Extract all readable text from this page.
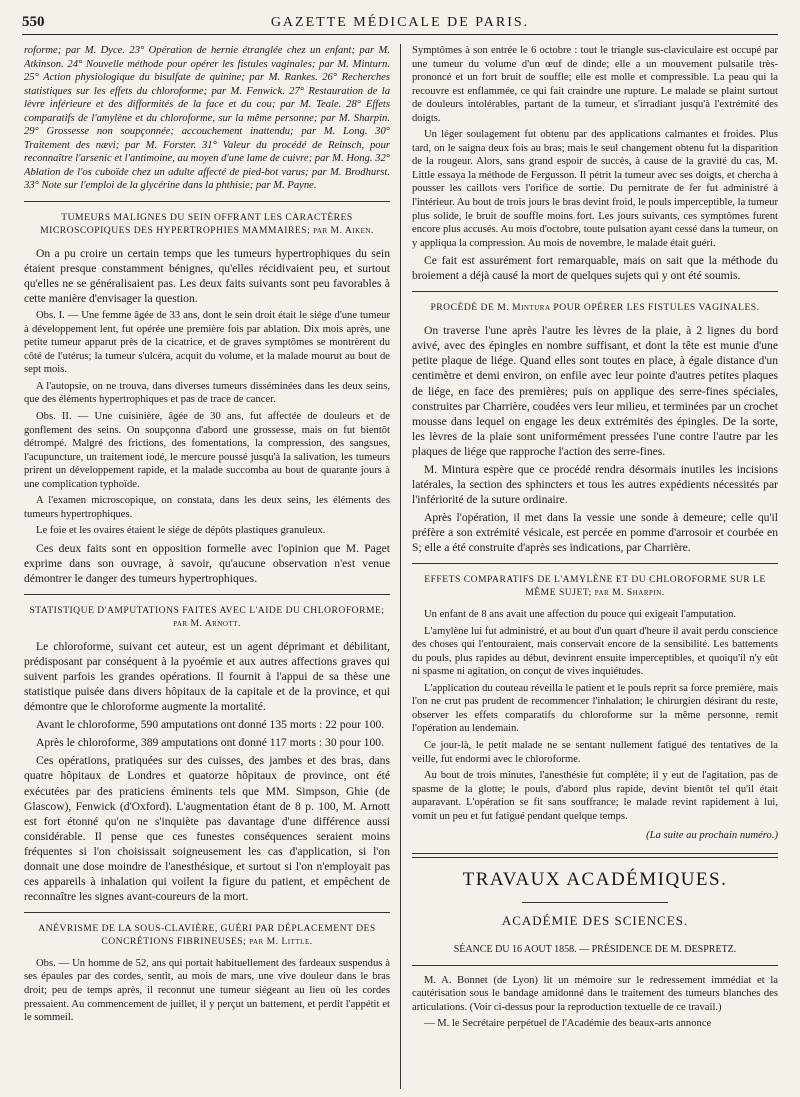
550	GAZETTE MÉDICALE DE PARIS.

roforme; par M. Dyce. 23° Opération de hernie étranglée chez un enfant; par M. Atkinson. 24° Nouvelle méthode pour opérer les fistules vaginales; par M. Minturn. 25° Action physiologique du bisulfate de quinine; par M. Rankes. 26° Recherches statistiques sur les effets du chloroforme; par M. Fenwick. 27° Restauration de la lèvre inférieure et des difformités de la face et du cou; par M. Teale. 28° Effets comparatifs de l'amylène et du chloroforme, sur la même personne; par M. Sharpin. 29° Grossesse non soupçonnée; accouchement inattendu; par M. Long. 30° Traitement des nævi; par M. Forster. 31° Valeur du procédé de Reinsch, pour reconnaître l'arsenic et l'antimoine, au moyen d'une lame de cuivre; par M. Hong. 32° Ablation de l'os cuboïde chez un adulte affecté de pied-bot varus; par M. Brodhurst. 33° Note sur l'emploi de la glycérine dans la phthisie; par M. Payne.

TUMEURS MALIGNES DU SEIN OFFRANT LES CARACTÈRES MICROSCOPIQUES DES HYPERTROPHIES MAMMAIRES; par M. Aiken.

On a pu croire un certain temps que les tumeurs hypertrophiques du sein étaient presque constamment bénignes, qu'elles récidivaient peu, et surtout qu'elles ne se généralisaient pas. Les deux faits suivants sont peu favorables à cette manière d'envisager la question.

Obs. I. — Une femme âgée de 33 ans, dont le sein droit était le siége d'une tumeur à développement lent, fut opérée une première fois par ablation. Dix mois après, une petite tumeur apparut près de la cicatrice, et de graves symptômes se montrèrent du côté de l'utérus; la tumeur s'ulcéra, acquit du volume, et la malade mourut au bout de sept mois.

A l'autopsie, on ne trouva, dans diverses tumeurs disséminées dans les deux seins, que des éléments hypertrophiques et pas de trace de cancer.

Obs. II. — Une cuisinière, âgée de 30 ans, fut affectée de douleurs et de gonflement des seins. On soupçonna d'abord une grossesse, mais on fut bientôt détrompé. Malgré des frictions, des fomentations, la compression, des sangsues, l'acupuncture, un traitement iodé, le mercure poussé jusqu'à la salivation, les tumeurs prirent un développement rapide, et la malade succomba au bout de quarante jours à une complication typhoïde.

A l'examen microscopique, on constata, dans les deux seins, les éléments des tumeurs hypertrophiques.

Le foie et les ovaires étaient le siége de dépôts plastiques granuleux.

Ces deux faits sont en opposition formelle avec l'opinion que M. Paget exprime dans son ouvrage, à savoir, qu'aucune observation n'est venue démontrer le danger des tumeurs hypertrophiques.

STATISTIQUE D'AMPUTATIONS FAITES AVEC L'AIDE DU CHLOROFORME; par M. Arnott.

Le chloroforme, suivant cet auteur, est un agent déprimant et débilitant, prédisposant par conséquent à la pyoémie et aux autres affections graves qui suivent parfois les grandes opérations. Il fournit à l'appui de sa thèse une statistique puisée dans divers hôpitaux de la capitale et de la province, et qui démontre que le chloroforme augmente la mortalité.

Avant le chloroforme, 590 amputations ont donné 135 morts : 22 pour 100.

Après le chloroforme, 389 amputations ont donné 117 morts : 30 pour 100.

Ces opérations, pratiquées sur des cuisses, des jambes et des bras, dans quatre hôpitaux de Londres et quatorze hôpitaux de province, ont été exécutées par des praticiens éminents tels que MM. Simpson, Ghie (de Glascow), Fenwick (d'Oxford). L'augmentation étant de 8 p. 100, M. Arnott est fort étonné qu'on ne s'inquiète pas davantage d'une différence aussi considérable. Il pense que ces funestes conséquences seraient moins fréquentes si l'on choisissait soigneusement les cas d'application, si l'on donnait une dose moindre de l'anesthésique, et surtout si l'on n'employait pas ces appareils à inhalation qui voilent la figure du patient, et empêchent de reconnaître les signes avant-coureurs de la mort.

ANÉVRISME DE LA SOUS-CLAVIÈRE, GUÉRI PAR DÉPLACEMENT DES CONCRÉTIONS FIBRINEUSES; par M. Little.

Obs. — Un homme de 52, ans qui portait habituellement des fardeaux suspendus à ses épaules par des cordes, sentit, au mois de mars, une vive douleur dans le bras droit; peu de temps après, il reconnut une tumeur siégeant au lieu où les cordes pressaient. Au commencement de juillet, il y perçut un battement, et perdit l'appétit et le sommeil.

Symptômes à son entrée le 6 octobre : tout le triangle sus-claviculaire est occupé par une tumeur du volume d'un œuf de dinde; elle a un mouvement pulsatile très-prononcé et un fort bruit de souffle; elle est molle et compressible. La peau qui la recouvre est enflammée, ce qui fait craindre une rupture. Le malade se plaint surtout de douleurs intolérables, partant de la tumeur, et s'irradiant jusqu'à l'extrémité des doigts.

Un léger soulagement fut obtenu par des applications calmantes et froides. Plus tard, on le saigna deux fois au bras; mais le seul changement obtenu fut la disparition de la rougeur. Alors, sans grand espoir de succès, à cause de la gravité du cas, M. Little essaya la méthode de Fergusson. Il pétrit la tumeur avec ses doigts, et chercha à pousser les caillots vers l'orifice de sortie. Du pernitrate de fer fut administré à l'intérieur. Au bout de trois jours le bras devint froid, le pouls imperceptible, la tumeur plus solide, le bruit de souffle moins fort. Les jours suivants, ces symptômes furent encore plus accusés. Au mois d'octobre, toute pulsation ayant cessé dans la tumeur, on y appliqua la compression. Au mois de novembre, le malade était guéri.

Ce fait est assurément fort remarquable, mais on sait que la méthode du broiement a déjà causé la mort de quelques sujets qui y ont été soumis.

PROCÉDÉ DE M. Mintura POUR OPÉRER LES FISTULES VAGINALES.

On traverse l'une après l'autre les lèvres de la plaie, à 2 lignes du bord avivé, avec des épingles en nombre suffisant, et dont la tête est munie d'une petite plaque de liége. Quand elles sont toutes en place, à égale distance d'un centimètre et demi environ, on enfile avec leur pointe d'autres petites plaques de liége, en face des premières; puis on applique des serre-fines spéciales, construites par Charrière, coudées vers leur milieu, et terminées par un crochet mousse dans lequel on engage les deux extrémités des épingles. De la sorte, les lèvres de la plaie sont uniformément pressées l'une contre l'autre par les plaques de liége que rapproche l'action des serre-fines.

M. Mintura espère que ce procédé rendra désormais inutiles les incisions latérales, la section des sphincters et tous les autres expédients nécessités par l'infériorité de la suture ordinaire.

Après l'opération, il met dans la vessie une sonde à demeure; celle qu'il préfère a son extrémité vésicale, est percée en pomme d'arrosoir et courbée en S; elle a été construite d'après ses indications, par Charrière.

EFFETS COMPARATIFS DE L'AMYLÈNE ET DU CHLOROFORME SUR LE MÊME SUJET; par M. Sharpin.

Un enfant de 8 ans avait une affection du pouce qui exigeait l'amputation.

L'amylène lui fut administré, et au bout d'un quart d'heure il avait perdu conscience des choses qui l'entouraient, mais conservait encore de la sensibilité. Les battements du pouls, plus rapides au début, devinrent ensuite imperceptibles, et quoiqu'il n'y eût ni spasme ni agitation, on conçut de vives inquiétudes.

L'application du couteau réveilla le patient et le pouls reprit sa force première, mais l'on ne crut pas prudent de recommencer l'inhalation; le chirurgien désirant du reste, observer les effets comparatifs du chloroforme sur la même personne, remit l'opération au lendemain.

Ce jour-là, le petit malade ne se sentant nullement fatigué des tentatives de la veille, fut endormi avec le chloroforme.

Au bout de trois minutes, l'anesthésie fut complète; il y eut de l'agitation, pas de spasme de la glotte; le pouls, d'abord plus rapide, devint bientôt tel qu'il était auparavant. L'opération se fit sans souffrance; le malade revint rapidement à lui, vomit un peu et fut fatigué pendant quelque temps.

(La suite au prochain numéro.)

TRAVAUX ACADÉMIQUES.
ACADÉMIE DES SCIENCES.
SÉANCE DU 16 AOUT 1858. — PRÉSIDENCE DE M. DESPRETZ.

M. A. Bonnet (de Lyon) lit un mémoire sur le redressement immédiat et la cautérisation sous le bandage amidonné dans le traitement des tumeurs blanches des articulations. (Voir ci-dessus pour la reproduction textuelle de ce travail.)

— M. le Secrétaire perpétuel de l'Académie des beaux-arts annonce
